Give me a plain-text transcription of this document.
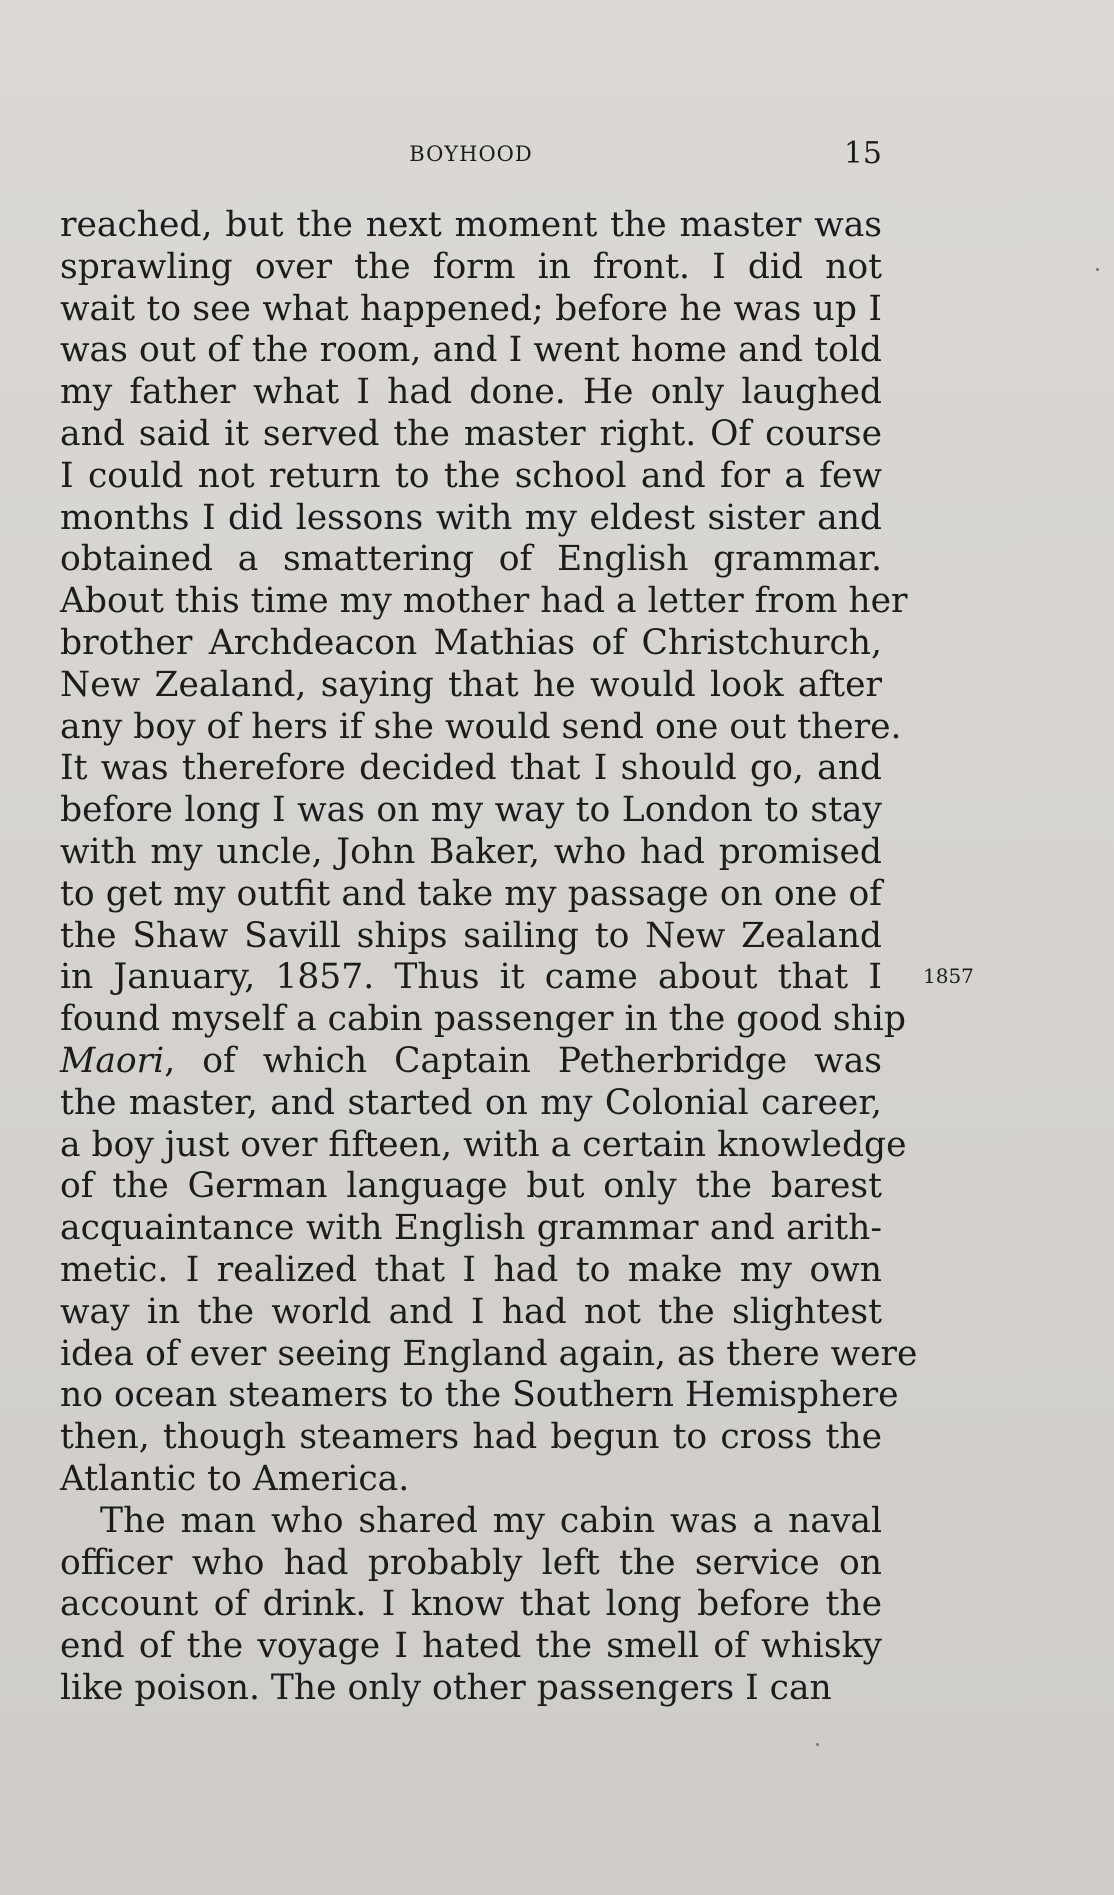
BOYHOOD	15
reached, but the next moment the master was
sprawling over the form in front. I did not
wait to see what happened; before he was up I
was out of the room, and I went home and told
my father what I had done. He only laughed
and said it served the master right. Of course
I could not return to the school and for a few
months I did lessons with my eldest sister and
obtained a smattering of English grammar.
About this time my mother had a letter from her
brother Archdeacon Mathias of Christchurch,
New Zealand, saying that he would look after
any boy of hers if she would send one out there.
It was therefore decided that I should go, and
before long I was on my way to London to stay
with my uncle, John Baker, who had promised
to get my outfit and take my passage on one of
the Shaw Savill ships sailing to New Zealand
in January, 1857. Thus it came about that I
found myself a cabin passenger in the good ship
Maori, of which Captain Petherbridge was
the master, and started on my Colonial career,
a boy just over fifteen, with a certain knowledge
of the German language but only the barest
acquaintance with English grammar and arith-
metic. I realized that I had to make my own
way in the world and I had not the slightest
idea of ever seeing England again, as there were
no ocean steamers to the Southern Hemisphere
then, though steamers had begun to cross the
Atlantic to America.
The man who shared my cabin was a naval
officer who had probably left the service on
account of drink. I know that long before the
end of the voyage I hated the smell of whisky
like poison. The only other passengers I can
1857
